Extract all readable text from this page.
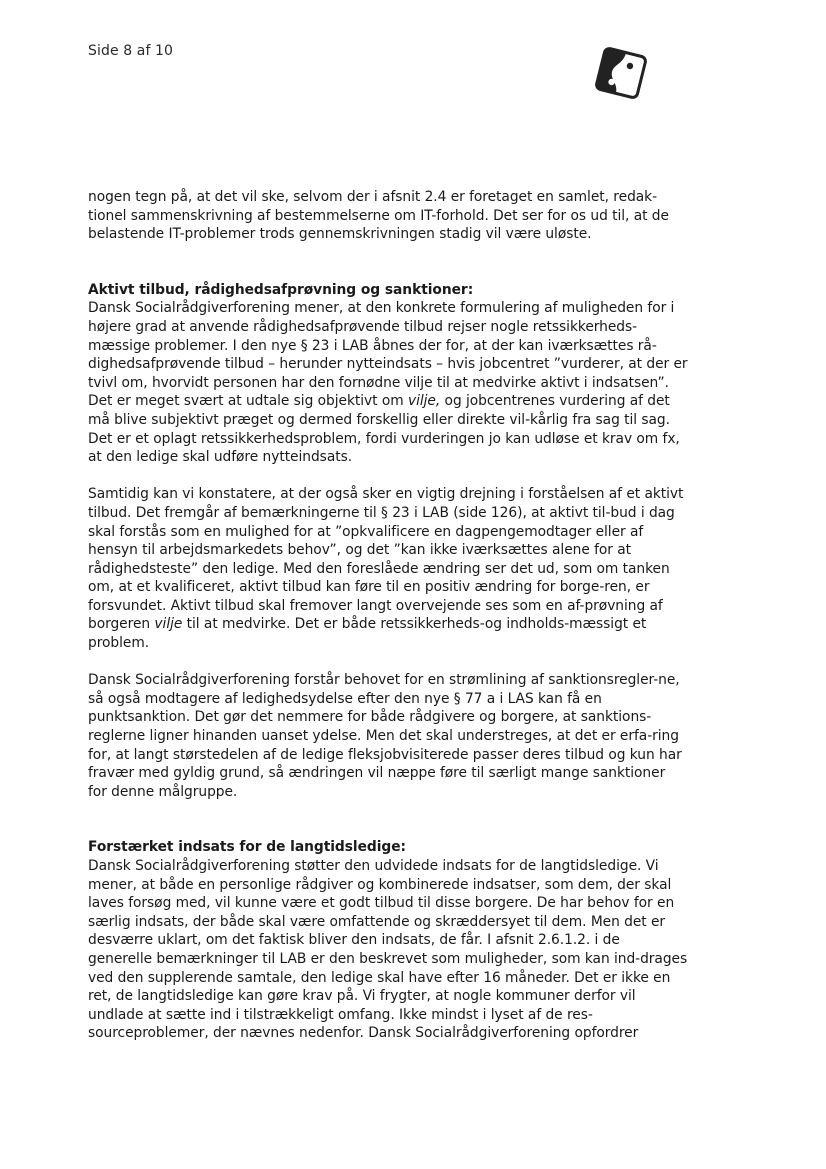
Side 8 af 10

nogen tegn på, at det vil ske, selvom der i afsnit 2.4 er foretaget en samlet, redak-tionel sammenskrivning af bestemmelserne om IT-forhold. Det ser for os ud til, at de belastende IT-problemer trods gennemskrivningen stadig vil være uløste.

Aktivt tilbud, rådighedsafprøvning og sanktioner:

Dansk Socialrådgiverforening mener, at den konkrete formulering af muligheden for i højere grad at anvende rådighedsafprøvende tilbud rejser nogle retssikkerheds-mæssige problemer. I den nye § 23 i LAB åbnes der for, at der kan iværksættes rå-dighedsafprøvende tilbud – herunder nytteindsats – hvis jobcentret ”vurderer, at der er tvivl om, hvorvidt personen har den fornødne vilje til at medvirke aktivt i indsatsen”. Det er meget svært at udtale sig objektivt om vilje, og jobcentrenes vurdering af det må blive subjektivt præget og dermed forskellig eller direkte vil-kårlig fra sag til sag. Det er et oplagt retssikkerhedsproblem, fordi vurderingen jo kan udløse et krav om fx, at den ledige skal udføre nytteindsats.

Samtidig kan vi konstatere, at der også sker en vigtig drejning i forståelsen af et aktivt tilbud. Det fremgår af bemærkningerne til § 23 i LAB (side 126), at aktivt til-bud i dag skal forstås som en mulighed for at ”opkvalificere en dagpengemodtager eller af hensyn til arbejdsmarkedets behov”, og det ”kan ikke iværksættes alene for at rådighedsteste” den ledige. Med den foreslåede ændring ser det ud, som om tanken om, at et kvalificeret, aktivt tilbud kan føre til en positiv ændring for borge-ren, er forsvundet. Aktivt tilbud skal fremover langt overvejende ses som en af-prøvning af borgeren vilje til at medvirke. Det er både retssikkerheds-og indholds-mæssigt et problem.

Dansk Socialrådgiverforening forstår behovet for en strømlining af sanktionsregler-ne, så også modtagere af ledighedsydelse efter den nye § 77 a i LAS kan få en punktsanktion. Det gør det nemmere for både rådgivere og borgere, at sanktions-reglerne ligner hinanden uanset ydelse. Men det skal understreges, at det er erfa-ring for, at langt størstedelen af de ledige fleksjobvisiterede passer deres tilbud og kun har fravær med gyldig grund, så ændringen vil næppe føre til særligt mange sanktioner for denne målgruppe.

Forstærket indsats for de langtidsledige:

Dansk Socialrådgiverforening støtter den udvidede indsats for de langtidsledige. Vi mener, at både en personlige rådgiver og kombinerede indsatser, som dem, der skal laves forsøg med, vil kunne være et godt tilbud til disse borgere. De har behov for en særlig indsats, der både skal være omfattende og skræddersyet til dem. Men det er desværre uklart, om det faktisk bliver den indsats, de får. I afsnit 2.6.1.2. i de generelle bemærkninger til LAB er den beskrevet som muligheder, som kan ind-drages ved den supplerende samtale, den ledige skal have efter 16 måneder. Det er ikke en ret, de langtidsledige kan gøre krav på. Vi frygter, at nogle kommuner derfor vil undlade at sætte ind i tilstrækkeligt omfang. Ikke mindst i lyset af de res-sourceproblemer, der nævnes nedenfor. Dansk Socialrådgiverforening opfordrer
